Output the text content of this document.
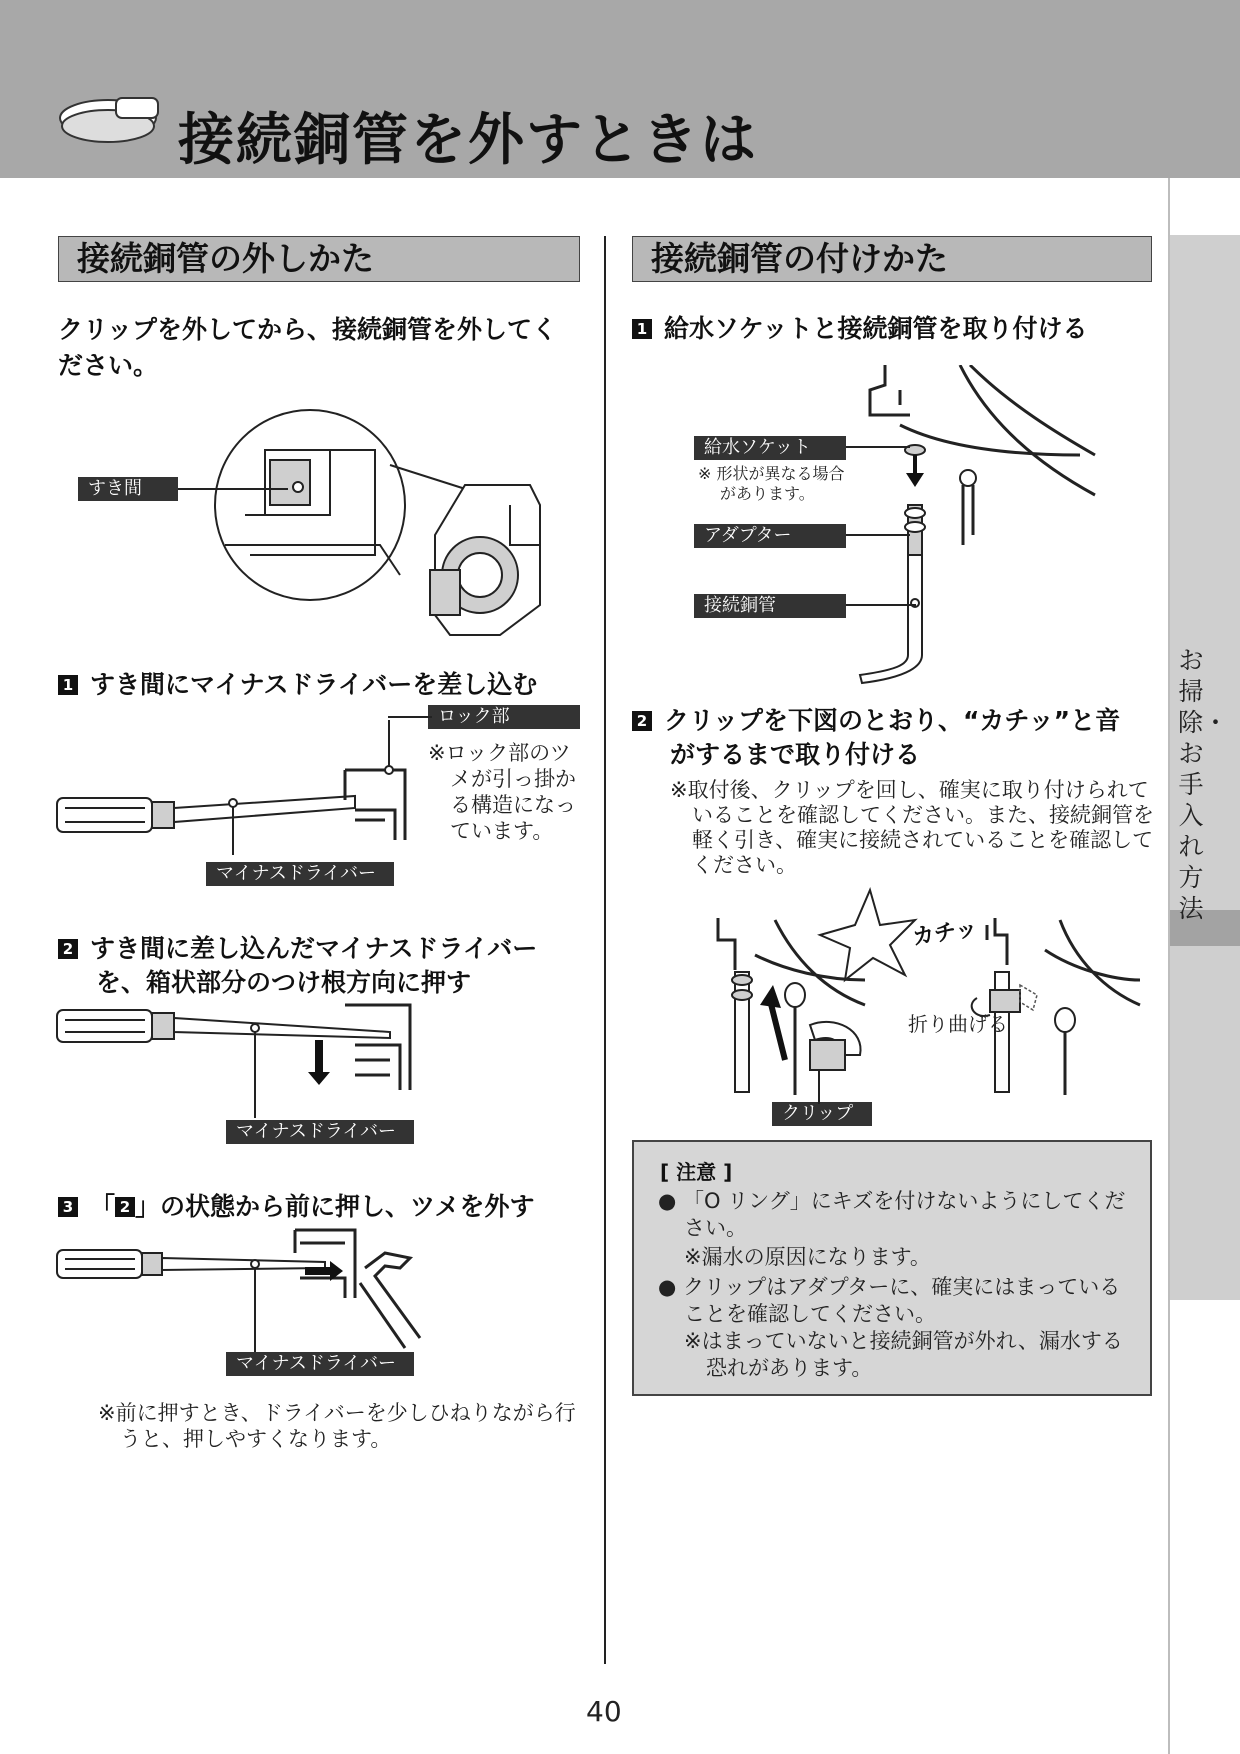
接続銅管を外すときは
お掃除・お手入れ方法
接続銅管の外しかた
クリップを外してから、接続銅管を外してく
ださい。
すき間
1 すき間にマイナスドライバーを差し込む
ロック部
※ロック部のツ
メが引っ掛か
る構造になっ
ています。
マイナスドライバー
2 すき間に差し込んだマイナスドライバー
を、箱状部分のつけ根方向に押す
マイナスドライバー
3 「 2 」の状態から前に押し、ツメを外す
マイナスドライバー
※前に押すとき、ドライバーを少しひねりながら行
うと、押しやすくなります。
接続銅管の付けかた
1 給水ソケットと接続銅管を取り付ける
給水ソケット
※ 形状が異なる場合
があります。
アダプター
接続銅管
2 クリップを下図のとおり、“カチッ”と音
がするまで取り付ける
※取付後、クリップを回し、確実に取り付けられて
いることを確認してください。また、接続銅管を
軽く引き、確実に接続されていることを確認して
ください。
カチッ
折り曲げる
クリップ
[ 注意 ]
● 「O リング」にキズを付けないようにしてくだ
さい。
※漏水の原因になります。
● クリップはアダプターに、確実にはまっている
ことを確認してください。
※はまっていないと接続銅管が外れ、漏水する
恐れがあります。
40
